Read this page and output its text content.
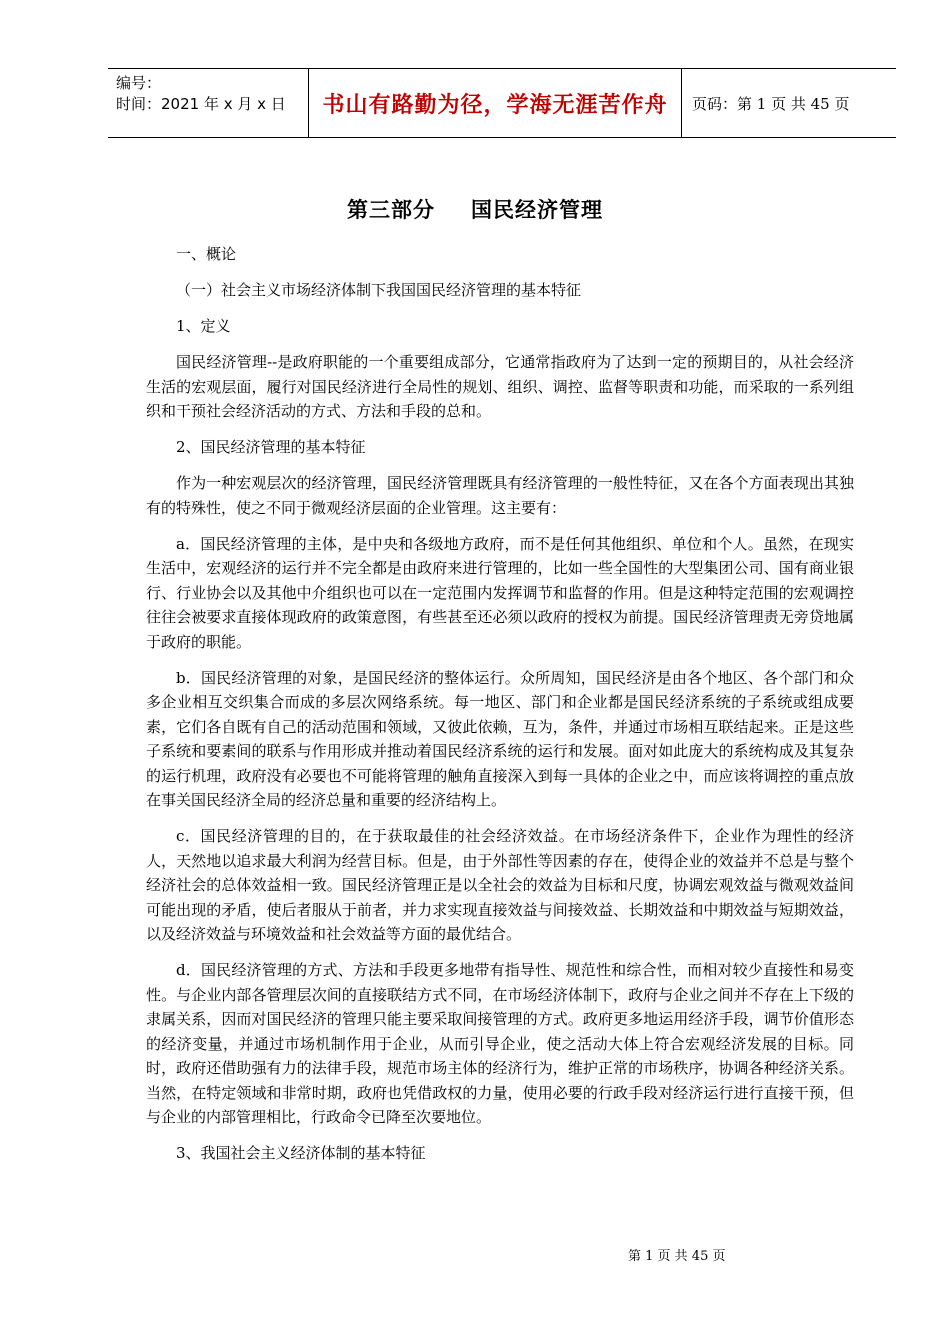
编号：
时间：2021 年 x 月 x 日	书山有路勤为径，学海无涯苦作舟	页码：第 1 页 共 45 页
第三部分 国民经济管理

一、概论

（一）社会主义市场经济体制下我国国民经济管理的基本特征

1、定义

国民经济管理--是政府职能的一个重要组成部分，它通常指政府为了达到一定的预期目的，从社会经济生活的宏观层面，履行对国民经济进行全局性的规划、组织、调控、监督等职责和功能，而采取的一系列组织和干预社会经济活动的方式、方法和手段的总和。

2、国民经济管理的基本特征

作为一种宏观层次的经济管理，国民经济管理既具有经济管理的一般性特征，又在各个方面表现出其独有的特殊性，使之不同于微观经济层面的企业管理。这主要有：

a．国民经济管理的主体，是中央和各级地方政府，而不是任何其他组织、单位和个人。虽然，在现实生活中，宏观经济的运行并不完全都是由政府来进行管理的，比如一些全国性的大型集团公司、国有商业银行、行业协会以及其他中介组织也可以在一定范围内发挥调节和监督的作用。但是这种特定范围的宏观调控往往会被要求直接体现政府的政策意图，有些甚至还必须以政府的授权为前提。国民经济管理责无旁贷地属于政府的职能。

b．国民经济管理的对象，是国民经济的整体运行。众所周知，国民经济是由各个地区、各个部门和众多企业相互交织集合而成的多层次网络系统。每一地区、部门和企业都是国民经济系统的子系统或组成要素，它们各自既有自己的活动范围和领域，又彼此依赖，互为，条件，并通过市场相互联结起来。正是这些子系统和要素间的联系与作用形成并推动着国民经济系统的运行和发展。面对如此庞大的系统构成及其复杂的运行机理，政府没有必要也不可能将管理的触角直接深入到每一具体的企业之中，而应该将调控的重点放在事关国民经济全局的经济总量和重要的经济结构上。

c．国民经济管理的目的，在于获取最佳的社会经济效益。在市场经济条件下，企业作为理性的经济人，天然地以追求最大利润为经营目标。但是，由于外部性等因素的存在，使得企业的效益并不总是与整个经济社会的总体效益相一致。国民经济管理正是以全社会的效益为目标和尺度，协调宏观效益与微观效益间可能出现的矛盾，使后者服从于前者，并力求实现直接效益与间接效益、长期效益和中期效益与短期效益，以及经济效益与环境效益和社会效益等方面的最优结合。

d．国民经济管理的方式、方法和手段更多地带有指导性、规范性和综合性，而相对较少直接性和易变性。与企业内部各管理层次间的直接联结方式不同，在市场经济体制下，政府与企业之间并不存在上下级的隶属关系，因而对国民经济的管理只能主要采取间接管理的方式。政府更多地运用经济手段，调节价值形态的经济变量，并通过市场机制作用于企业，从而引导企业，使之活动大体上符合宏观经济发展的目标。同时，政府还借助强有力的法律手段，规范市场主体的经济行为，维护正常的市场秩序，协调各种经济关系。当然，在特定领域和非常时期，政府也凭借政权的力量，使用必要的行政手段对经济运行进行直接干预，但与企业的内部管理相比，行政命令已降至次要地位。

3、我国社会主义经济体制的基本特征

第 1 页 共 45 页
